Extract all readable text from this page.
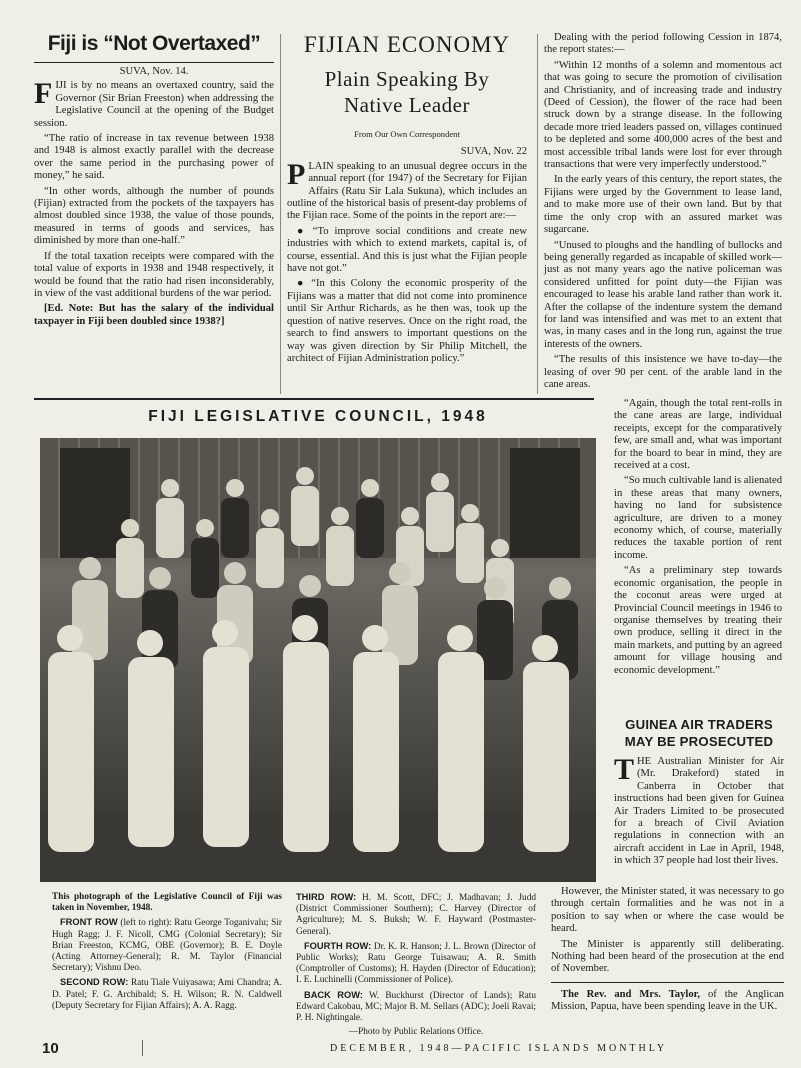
Fiji is “Not Overtaxed”
SUVA, Nov. 14.

FIJI is by no means an overtaxed country, said the Governor (Sir Brian Freeston) when addressing the Legislative Council at the opening of the Budget session.

“The ratio of increase in tax revenue between 1938 and 1948 is almost exactly parallel with the decrease over the same period in the purchasing power of money,” he said.

“In other words, although the number of pounds (Fijian) extracted from the pockets of the taxpayers has almost doubled since 1938, the value of those pounds, measured in terms of goods and services, has diminished by more than one-half.”

If the total taxation receipts were compared with the total value of exports in 1938 and 1948 respectively, it would be found that the ratio had risen inconsiderably, in view of the vast additional burdens of the war period.

[Ed. Note: But has the salary of the individual taxpayer in Fiji been doubled since 1938?]

FIJIAN ECONOMY
Plain Speaking By
Native Leader
From Our Own Correspondent
SUVA, Nov. 22

PLAIN speaking to an unusual degree occurs in the annual report (for 1947) of the Secretary for Fijian Affairs (Ratu Sir Lala Sukuna), which includes an outline of the historical basis of present-day problems of the Fijian race. Some of the points in the report are:—

● “To improve social conditions and create new industries with which to extend markets, capital is, of course, essential. And this is just what the Fijian people have not got.”

● “In this Colony the economic prosperity of the Fijians was a matter that did not come into prominence until Sir Arthur Richards, as he then was, took up the question of native reserves. Once on the right road, the search to find answers to important questions on the way was given direction by Sir Philip Mitchell, the architect of Fijian Administration policy.”

Dealing with the period following Cession in 1874, the report states:—

“Within 12 months of a solemn and momentous act that was going to secure the promotion of civilisation and Christianity, and of increasing trade and industry (Deed of Cession), the flower of the race had been struck down by a strange disease. In the following decade more tried leaders passed on, villages continued to be depleted and some 400,000 acres of the best and most accessible tribal lands were lost for ever through transactions that were very imperfectly understood.”

In the early years of this century, the report states, the Fijians were urged by the Government to lease land, and to make more use of their own land. But by that time the only crop with an assured market was sugarcane.

“Unused to ploughs and the handling of bullocks and being generally regarded as incapable of skilled work—just as not many years ago the native policeman was considered unfitted for point duty—the Fijian was encouraged to lease his arable land rather than work it. After the collapse of the indenture system the demand for land was intensified and was met to an extent that was, in many cases and in the long run, against the true interests of the owners.

“The results of this insistence we have to-day—the leasing of over 90 per cent. of the arable land in the cane areas.

“Again, though the total rent-rolls in the cane areas are large, individual receipts, except for the comparatively few, are small and, what was important for the board to bear in mind, they are received at a cost.

“So much cultivable land is alienated in these areas that many owners, having no land for subsistence agriculture, are driven to a money economy which, of course, materially reduces the taxable portion of rent income.

“As a preliminary step towards economic organisation, the people in the coconut areas were urged at Provincial Council meetings in 1946 to organise themselves by treating their own produce, selling it direct in the main markets, and putting by an agreed amount for village housing and economic development.”

FIJI LEGISLATIVE COUNCIL, 1948

This photograph of the Legislative Council of Fiji was taken in November, 1948.

FRONT ROW (left to right): Ratu George Toganivalu; Sir Hugh Ragg; J. F. Nicoll, CMG (Colonial Secretary); Sir Brian Freeston, KCMG, OBE (Governor); B. E. Doyle (Acting Attorney-General); R. M. Taylor (Financial Secretary); Vishnu Deo.

SECOND ROW: Ratu Tiale Vuiyasawa; Ami Chandra; A. D. Patel; F. G. Archibald; S. H. Wilson; R. N. Caldwell (Deputy Secretary for Fijian Affairs); A. A. Ragg.

THIRD ROW: H. M. Scott, DFC; J. Madhavan; J. Judd (District Commissioner Southern); C. Harvey (Director of Agriculture); M. S. Buksh; W. F. Hayward (Postmaster-General).

FOURTH ROW: Dr. K. R. Hanson; J. L. Brown (Director of Public Works); Ratu George Tuisawau; A. R. Smith (Comptroller of Customs); H. Hayden (Director of Education); I. E. Luchinelli (Commissioner of Police).

BACK ROW: W. Buckhurst (Director of Lands); Ratu Edward Cakobau, MC; Major B. M. Sellars (ADC); Joeli Ravai; P. H. Nightingale.

—Photo by Public Relations Office.

GUINEA AIR TRADERS
MAY BE PROSECUTED

THE Australian Minister for Air (Mr. Drakeford) stated in Canberra in October that instructions had been given for Guinea Air Traders Limited to be prosecuted for a breach of Civil Aviation regulations in connection with an aircraft accident in Lae in April, 1948, in which 37 people had lost their lives.

However, the Minister stated, it was necessary to go through certain formalities and he was not in a position to say when or where the case would be heard.

The Minister is apparently still deliberating. Nothing had been heard of the prosecution at the end of November.

The Rev. and Mrs. Taylor, of the Anglican Mission, Papua, have been spending leave in the UK.

10	DECEMBER, 1948—PACIFIC ISLANDS MONTHLY
